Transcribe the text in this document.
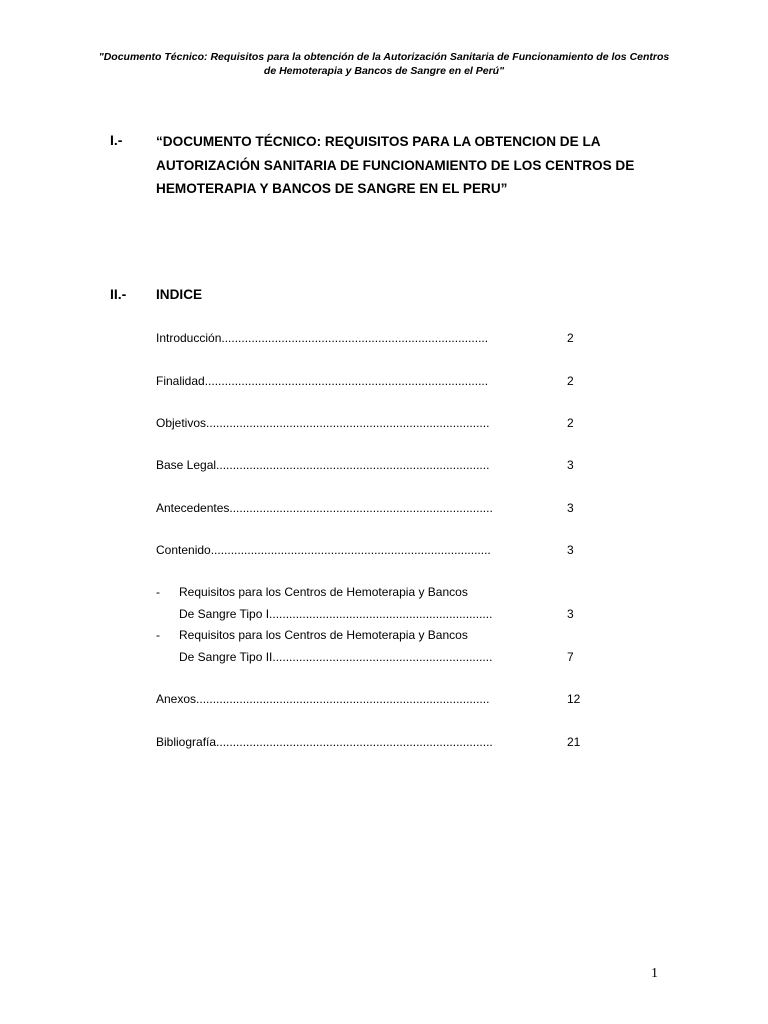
"Documento Técnico: Requisitos para la obtención de la Autorización Sanitaria de Funcionamiento de los Centros
de Hemoterapia y Bancos de Sangre en el Perú"
I.- “DOCUMENTO TÉCNICO: REQUISITOS PARA LA OBTENCION DE LA
AUTORIZACIÓN SANITARIA DE FUNCIONAMIENTO DE LOS CENTROS DE
HEMOTERAPIA Y BANCOS DE SANGRE EN EL PERU”
II.- INDICE
Introducción................................................................................	2
Finalidad.....................................................................................	2
Objetivos.....................................................................................	2
Base Legal..................................................................................	3
Antecedentes...............................................................................	3
Contenido....................................................................................	3
- Requisitos para los Centros de Hemoterapia y Bancos
De Sangre Tipo I...................................................................	3
- Requisitos para los Centros de Hemoterapia y Bancos
De Sangre Tipo II..................................................................	7
Anexos........................................................................................	12
Bibliografía...................................................................................	21
1
